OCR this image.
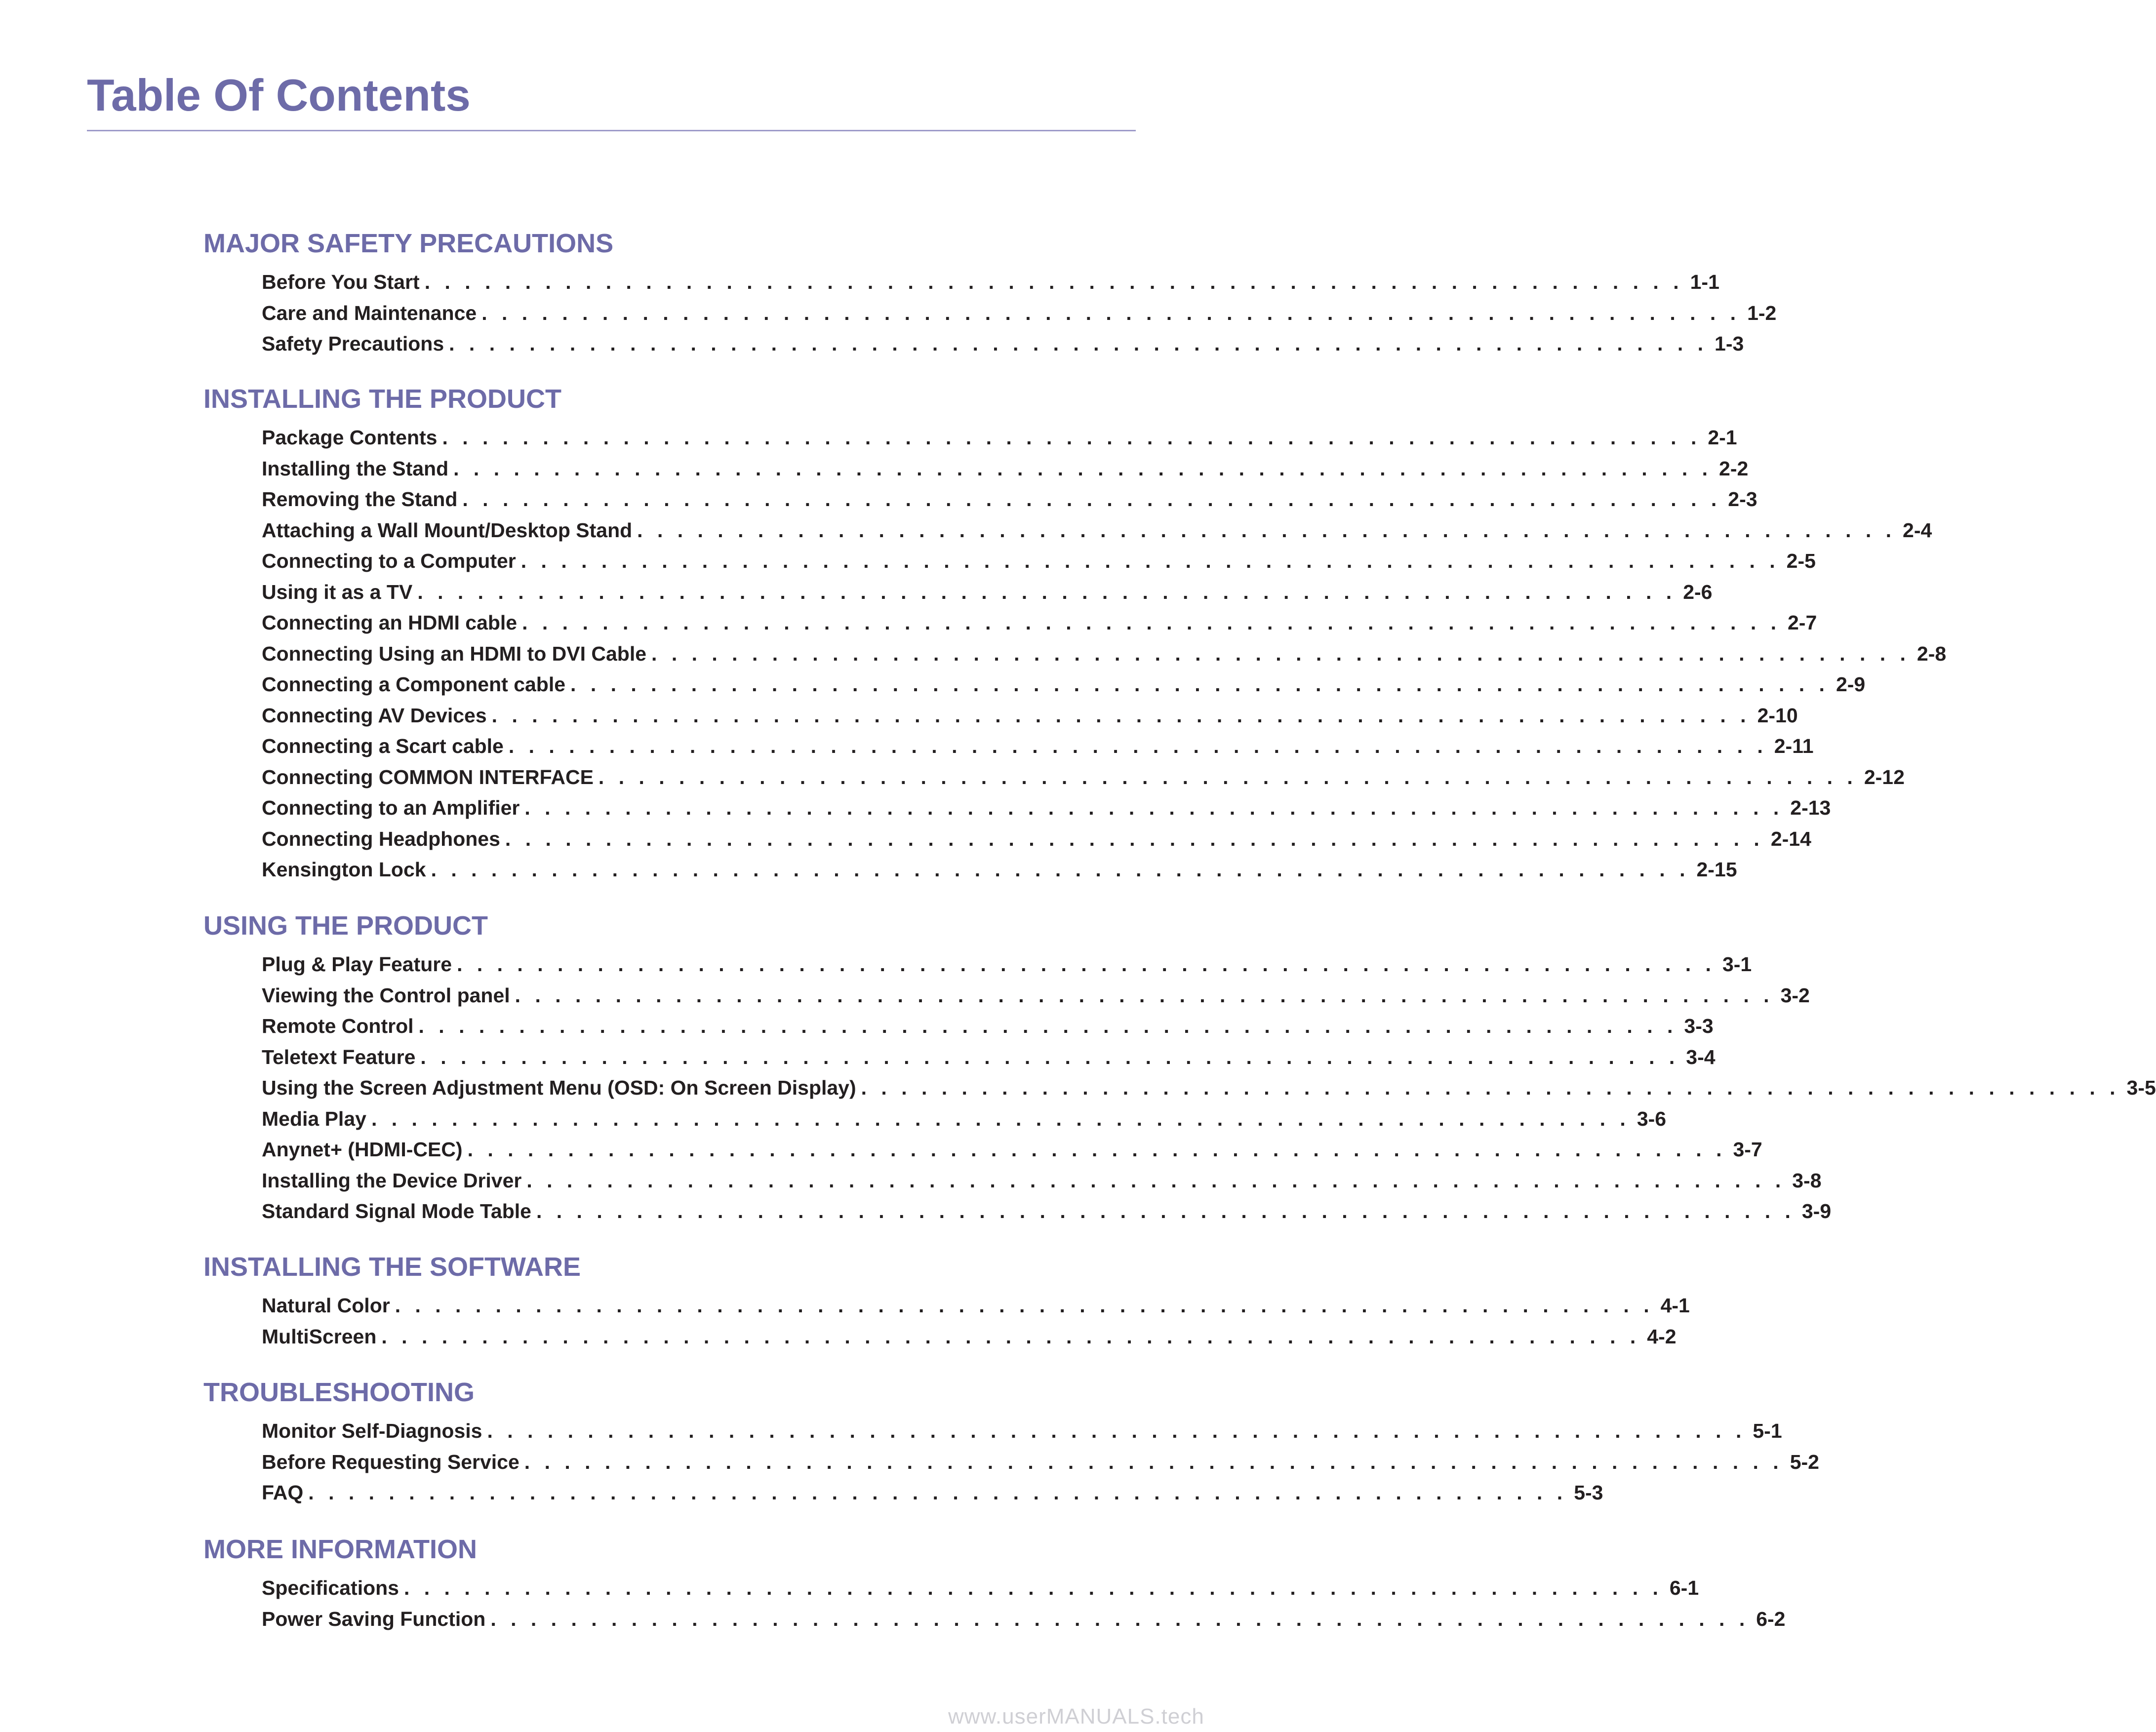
Table Of Contents
MAJOR SAFETY PRECAUTIONS
Before You Start . . . . . . . . . . . . . . . . . . . . . . . . . . . . . . . . . . . . . . . . . . . . . . . . . . . . . . . . . . . . . . . 1-1
Care and Maintenance . . . . . . . . . . . . . . . . . . . . . . . . . . . . . . . . . . . . . . . . . . . . . . . . . . . . . . . . . . . . . . . 1-2
Safety Precautions . . . . . . . . . . . . . . . . . . . . . . . . . . . . . . . . . . . . . . . . . . . . . . . . . . . . . . . . . . . . . . . 1-3
INSTALLING THE PRODUCT
Package Contents . . . . . . . . . . . . . . . . . . . . . . . . . . . . . . . . . . . . . . . . . . . . . . . . . . . . . . . . . . . . . . . 2-1
Installing the Stand . . . . . . . . . . . . . . . . . . . . . . . . . . . . . . . . . . . . . . . . . . . . . . . . . . . . . . . . . . . . . . . 2-2
Removing the Stand . . . . . . . . . . . . . . . . . . . . . . . . . . . . . . . . . . . . . . . . . . . . . . . . . . . . . . . . . . . . . . . 2-3
Attaching a Wall Mount/Desktop Stand . . . . . . . . . . . . . . . . . . . . . . . . . . . . . . . . . . . . . . . . . . . . . . . . . . . . . . . . . . . . . . . 2-4
Connecting to a Computer . . . . . . . . . . . . . . . . . . . . . . . . . . . . . . . . . . . . . . . . . . . . . . . . . . . . . . . . . . . . . . . 2-5
Using it as a TV . . . . . . . . . . . . . . . . . . . . . . . . . . . . . . . . . . . . . . . . . . . . . . . . . . . . . . . . . . . . . . . 2-6
Connecting an HDMI cable . . . . . . . . . . . . . . . . . . . . . . . . . . . . . . . . . . . . . . . . . . . . . . . . . . . . . . . . . . . . . . . 2-7
Connecting Using an HDMI to DVI Cable . . . . . . . . . . . . . . . . . . . . . . . . . . . . . . . . . . . . . . . . . . . . . . . . . . . . . . . . . . . . . . . 2-8
Connecting a Component cable . . . . . . . . . . . . . . . . . . . . . . . . . . . . . . . . . . . . . . . . . . . . . . . . . . . . . . . . . . . . . . . 2-9
Connecting AV Devices . . . . . . . . . . . . . . . . . . . . . . . . . . . . . . . . . . . . . . . . . . . . . . . . . . . . . . . . . . . . . . . 2-10
Connecting a Scart cable . . . . . . . . . . . . . . . . . . . . . . . . . . . . . . . . . . . . . . . . . . . . . . . . . . . . . . . . . . . . . . . 2-11
Connecting COMMON INTERFACE . . . . . . . . . . . . . . . . . . . . . . . . . . . . . . . . . . . . . . . . . . . . . . . . . . . . . . . . . . . . . . . 2-12
Connecting to an Amplifier . . . . . . . . . . . . . . . . . . . . . . . . . . . . . . . . . . . . . . . . . . . . . . . . . . . . . . . . . . . . . . . 2-13
Connecting Headphones . . . . . . . . . . . . . . . . . . . . . . . . . . . . . . . . . . . . . . . . . . . . . . . . . . . . . . . . . . . . . . . 2-14
Kensington Lock . . . . . . . . . . . . . . . . . . . . . . . . . . . . . . . . . . . . . . . . . . . . . . . . . . . . . . . . . . . . . . . 2-15
USING THE PRODUCT
Plug & Play Feature . . . . . . . . . . . . . . . . . . . . . . . . . . . . . . . . . . . . . . . . . . . . . . . . . . . . . . . . . . . . . . . 3-1
Viewing the Control panel . . . . . . . . . . . . . . . . . . . . . . . . . . . . . . . . . . . . . . . . . . . . . . . . . . . . . . . . . . . . . . . 3-2
Remote Control . . . . . . . . . . . . . . . . . . . . . . . . . . . . . . . . . . . . . . . . . . . . . . . . . . . . . . . . . . . . . . . 3-3
Teletext Feature . . . . . . . . . . . . . . . . . . . . . . . . . . . . . . . . . . . . . . . . . . . . . . . . . . . . . . . . . . . . . . . 3-4
Using the Screen Adjustment Menu (OSD: On Screen Display) . . . . . . . . . . . . . . . . . . . . . . . . . . . . . . . . . . . . . . . . . . . . . . . . . . . . . . . . . . . . . . . 3-5
Media Play . . . . . . . . . . . . . . . . . . . . . . . . . . . . . . . . . . . . . . . . . . . . . . . . . . . . . . . . . . . . . . . 3-6
Anynet+ (HDMI-CEC) . . . . . . . . . . . . . . . . . . . . . . . . . . . . . . . . . . . . . . . . . . . . . . . . . . . . . . . . . . . . . . . 3-7
Installing the Device Driver . . . . . . . . . . . . . . . . . . . . . . . . . . . . . . . . . . . . . . . . . . . . . . . . . . . . . . . . . . . . . . . 3-8
Standard Signal Mode Table . . . . . . . . . . . . . . . . . . . . . . . . . . . . . . . . . . . . . . . . . . . . . . . . . . . . . . . . . . . . . . . 3-9
INSTALLING THE SOFTWARE
Natural Color . . . . . . . . . . . . . . . . . . . . . . . . . . . . . . . . . . . . . . . . . . . . . . . . . . . . . . . . . . . . . . . 4-1
MultiScreen . . . . . . . . . . . . . . . . . . . . . . . . . . . . . . . . . . . . . . . . . . . . . . . . . . . . . . . . . . . . . . . 4-2
TROUBLESHOOTING
Monitor Self-Diagnosis . . . . . . . . . . . . . . . . . . . . . . . . . . . . . . . . . . . . . . . . . . . . . . . . . . . . . . . . . . . . . . . 5-1
Before Requesting Service . . . . . . . . . . . . . . . . . . . . . . . . . . . . . . . . . . . . . . . . . . . . . . . . . . . . . . . . . . . . . . . 5-2
FAQ . . . . . . . . . . . . . . . . . . . . . . . . . . . . . . . . . . . . . . . . . . . . . . . . . . . . . . . . . . . . . . . 5-3
MORE INFORMATION
Specifications . . . . . . . . . . . . . . . . . . . . . . . . . . . . . . . . . . . . . . . . . . . . . . . . . . . . . . . . . . . . . . . 6-1
Power Saving Function . . . . . . . . . . . . . . . . . . . . . . . . . . . . . . . . . . . . . . . . . . . . . . . . . . . . . . . . . . . . . . . 6-2
www.userMANUALS.tech
